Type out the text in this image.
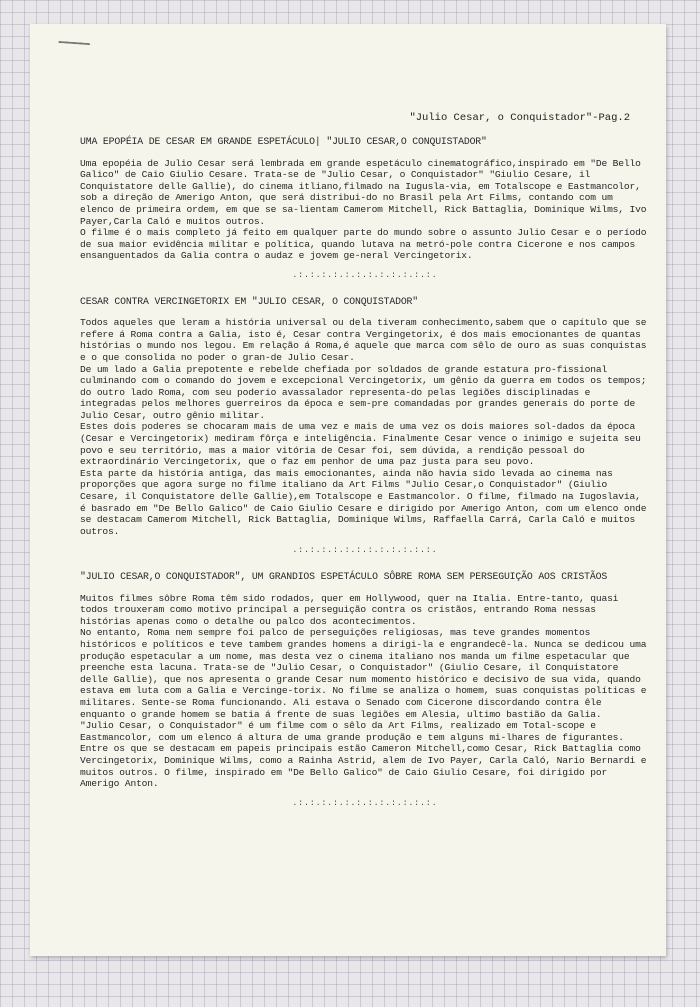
"Julio Cesar, o Conquistador"-Pag.2
UMA EPOPÉIA DE CESAR EM GRANDE ESPETÁCULO| "JULIO CESAR,O CONQUISTADOR"

Uma epopéia de Julio Cesar será lembrada em grande espetáculo cinematográfico,inspirado em "De Bello Galico" de Caio Giulio Cesare. Trata-se de "Julio Cesar, o Conquistador" "Giulio Cesare, il Conquistatore delle Gallie), do cinema itliano,filmado na Iugusla-via, em Totalscope e Eastmancolor, sob a direção de Amerigo Anton, que será distribui-do no Brasil pela Art Films, contando com um elenco de primeira ordem, em que se sa-lientam Camerom Mitchell, Rick Battaglia, Dominique Wilms, Ivo Payer,Carla Caló e muitos outros.

O filme é o mais completo já feito em qualquer parte do mundo sobre o assunto Julio Cesar e o período de sua maior evidência militar e política, quando lutava na metró-pole contra Cicerone e nos campos ensanguentados da Galia contra o audaz e jovem ge-neral Vercingetorix.

.:.:.:.:.:.:.:.:.:.:.:.:.
CESAR CONTRA VERCINGETORIX EM "JULIO CESAR, O CONQUISTADOR"

Todos aqueles que leram a história universal ou dela tiveram conhecimento,sabem que o capítulo que se refere á Roma contra a Galia, isto é, Cesar contra Vergingetorix, é dos mais emocionantes de quantas histórias o mundo nos legou. Em relação á Roma,é aquele que marca com sêlo de ouro as suas conquistas e o que consolida no poder o gran-de Julio Cesar.

De um lado a Galia prepotente e rebelde chefiada por soldados de grande estatura pro-fissional culminando com o comando do jovem e excepcional Vercingetorix, um gênio da guerra em todos os tempos; do outro lado Roma, com seu poderio avassalador representa-do pelas legiões disciplinadas e integradas pelos melhores guerreiros da época e sem-pre comandadas por grandes generais do porte de Julio Cesar, outro gênio militar.

Estes dois poderes se chocaram mais de uma vez e mais de uma vez os dois maiores sol-dados da época (Cesar e Vercingetorix) mediram fôrça e inteligência. Finalmente Cesar vence o inimigo e sujeita seu povo e seu território, mas a maior vitória de Cesar foi, sem dúvida, a rendição pessoal do extraordinário Vercingetorix, que o faz em penhor de uma paz justa para seu povo.

Esta parte da história antiga, das mais emocionantes, ainda não havia sido levada ao cinema nas proporções que agora surge no filme italiano da Art Films "Julio Cesar,o Conquistador" (Giulio Cesare, il Conquistatore delle Gallie),em Totalscope e Eastmancolor. O filme, filmado na Iugoslavia, é basrado em "De Bello Galico" de Caio Giulio Cesare e dirigido por Amerigo Anton, com um elenco onde se destacam Camerom Mitchell, Rick Battaglia, Dominique Wilms, Raffaella Carrá, Carla Caló e muitos outros.

.:.:.:.:.:.:.:.:.:.:.:.:.
"JULIO CESAR,O CONQUISTADOR", UM GRANDIOS ESPETÁCULO SÔBRE ROMA SEM PERSEGUIÇÃO AOS CRISTÃOS

Muitos filmes sôbre Roma têm sido rodados, quer em Hollywood, quer na Italia. Entre-tanto, quasi todos trouxeram como motivo principal a perseguição contra os cristãos, entrando Roma nessas histórias apenas como o detalhe ou palco dos acontecimentos.

No entanto, Roma nem sempre foi palco de perseguições religiosas, mas teve grandes momentos históricos e políticos e teve tambem grandes homens a dirigi-la e engrandecê-la. Nunca se dedicou uma produção espetacular a um nome, mas desta vez o cinema italiano nos manda um filme espetacular que preenche esta lacuna. Trata-se de "Julio Cesar, o Conquistador" (Giulio Cesare, il Conquistatore delle Gallie), que nos apresenta o grande Cesar num momento histórico e decisivo de sua vida, quando estava em luta com a Galia e Vercinge-torix. No filme se analiza o homem, suas conquistas políticas e militares. Sente-se Roma funcionando. Ali estava o Senado com Cicerone discordando contra êle enquanto o grande homem se batia á frente de suas legiões em Alesia, ultimo bastião da Galia.

"Julio Cesar, o Conquistador" é um filme com o sêlo da Art Films, realizado em Total-scope e Eastmancolor, com um elenco á altura de uma grande produção e tem alguns mi-lhares de figurantes. Entre os que se destacam em papeis principais estão Cameron Mitchell,como Cesar, Rick Battaglia como Vercingetorix, Dominique Wilms, como a Rainha Astrid, alem de Ivo Payer, Carla Caló, Nario Bernardi e muitos outros. O filme, inspirado em "De Bello Galico" de Caio Giulio Cesare, foi dirigido por Amerigo Anton.

.:.:.:.:.:.:.:.:.:.:.:.:.
